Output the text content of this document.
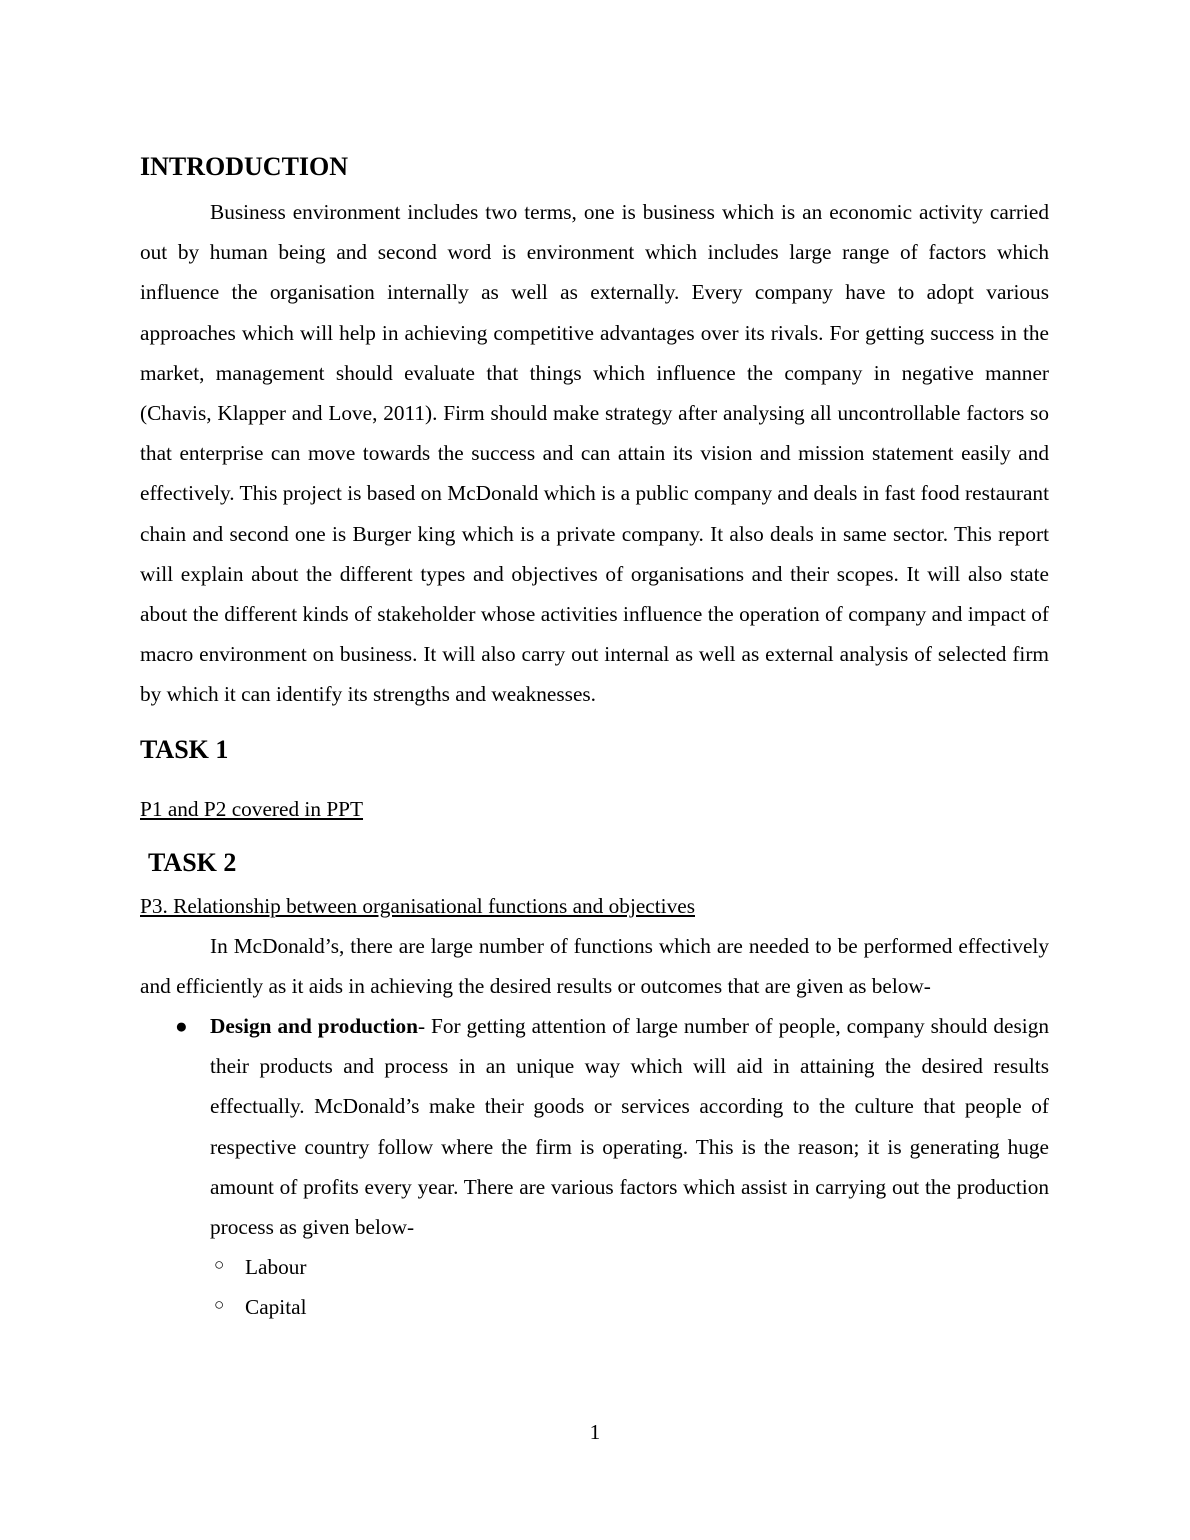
INTRODUCTION

Business environment includes two terms, one is business which is an economic activity carried out by human being and second word is environment which includes large range of factors which influence the organisation internally as well as externally. Every company have to adopt various approaches which will help in achieving competitive advantages over its rivals. For getting success in the market, management should evaluate that things which influence the company in negative manner (Chavis, Klapper and Love, 2011). Firm should make strategy after analysing all uncontrollable factors so that enterprise can move towards the success and can attain its vision and mission statement easily and effectively. This project is based on McDonald which is a public company and deals in fast food restaurant chain and second one is Burger king which is a private company. It also deals in same sector. This report will explain about the different types and objectives of organisations and their scopes. It will also state about the different kinds of stakeholder whose activities influence the operation of company and impact of macro environment on business. It will also carry out internal as well as external analysis of selected firm by which it can identify its strengths and weaknesses.

TASK 1

P1 and P2 covered in PPT

TASK 2

P3. Relationship between organisational functions and objectives

In McDonald’s, there are large number of functions which are needed to be performed effectively and efficiently as it aids in achieving the desired results or outcomes that are given as below-

● Design and production- For getting attention of large number of people, company should design their products and process in an unique way which will aid in attaining the desired results effectually. McDonald’s make their goods or services according to the culture that people of respective country follow where the firm is operating. This is the reason; it is generating huge amount of profits every year. There are various factors which assist in carrying out the production process as given below-
○ Labour
○ Capital
1
